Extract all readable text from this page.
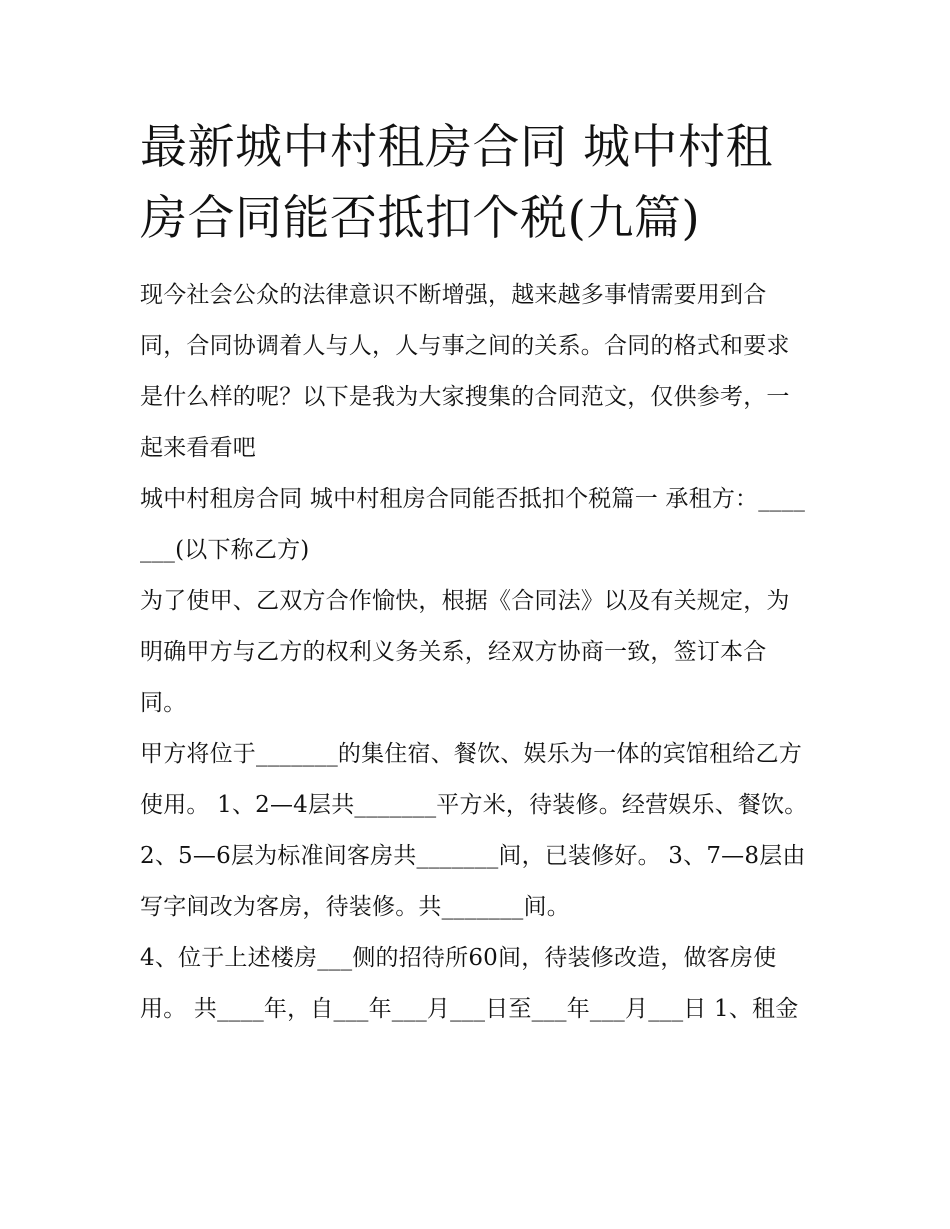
最新城中村租房合同 城中村租房合同能否抵扣个税(九篇)

现今社会公众的法律意识不断增强，越来越多事情需要用到合同，合同协调着人与人，人与事之间的关系。合同的格式和要求是什么样的呢？以下是我为大家搜集的合同范文，仅供参考，一起来看看吧

城中村租房合同 城中村租房合同能否抵扣个税篇一 承租方：_______(以下称乙方)

为了使甲、乙双方合作愉快，根据《合同法》以及有关规定，为明确甲方与乙方的权利义务关系，经双方协商一致，签订本合同。

甲方将位于_______的集住宿、餐饮、娱乐为一体的宾馆租给乙方使用。 1、2—4层共_______平方米，待装修。经营娱乐、餐饮。

2、5—6层为标准间客房共_______间，已装修好。 3、7—8层由写字间改为客房，待装修。共_______间。

4、位于上述楼房___侧的招待所60间，待装修改造，做客房使用。 共____年，自___年___月___日至___年___月___日 1、租金
